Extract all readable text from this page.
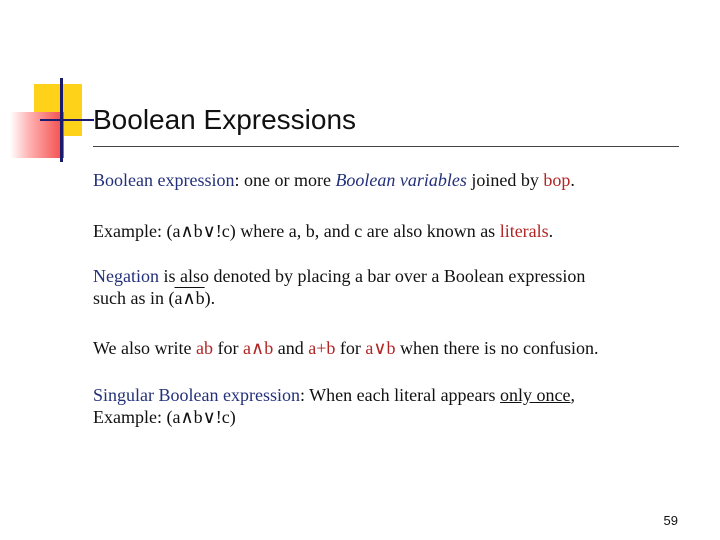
Boolean Expressions
Boolean expression: one or more Boolean variables joined by bop.
Example: (a∧b∨!c) where a, b, and c are also known as literals.
Negation is also denoted by placing a bar over a Boolean expression
such as in (a∧b).
We also write ab for a∧b and a+b for a∨b when there is no confusion.
Singular Boolean expression: When each literal appears only once,
Example: (a∧b∨!c)
59
